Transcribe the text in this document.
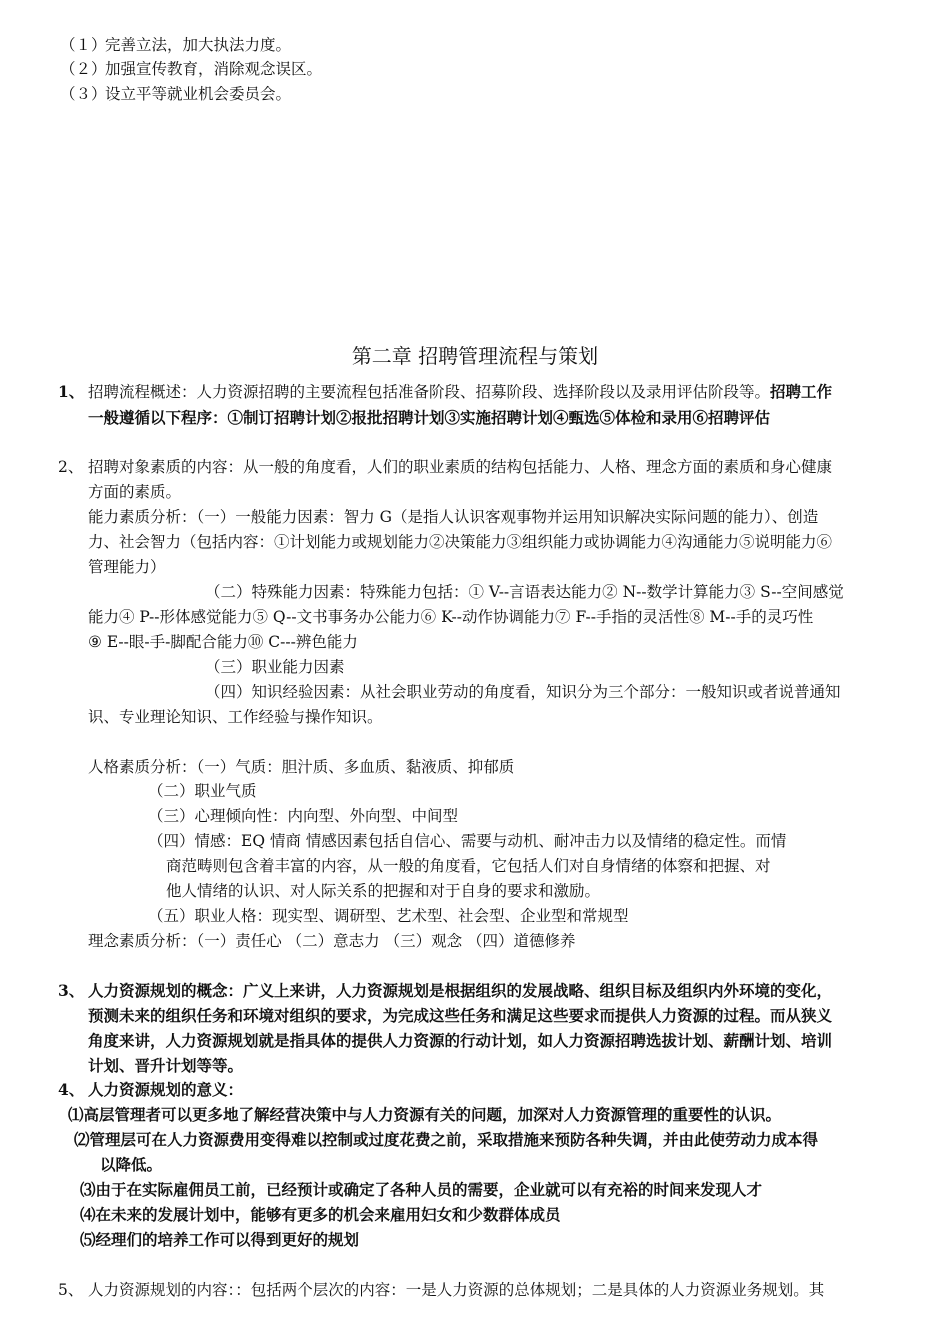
（１）完善立法，加大执法力度。
（２）加强宣传教育，消除观念误区。
（３）设立平等就业机会委员会。
第二章 招聘管理流程与策划
1、 招聘流程概述：人力资源招聘的主要流程包括准备阶段、招募阶段、选择阶段以及录用评估阶段等。招聘工作
一般遵循以下程序：①制订招聘计划②报批招聘计划③实施招聘计划④甄选⑤体检和录用⑥招聘评估
2、 招聘对象素质的内容：从一般的角度看，人们的职业素质的结构包括能力、人格、理念方面的素质和身心健康
方面的素质。
能力素质分析：（一）一般能力因素：智力 G（是指人认识客观事物并运用知识解决实际问题的能力）、创造
力、社会智力（包括内容：①计划能力或规划能力②决策能力③组织能力或协调能力④沟通能力⑤说明能力⑥
管理能力）
（二）特殊能力因素：特殊能力包括：① V--言语表达能力② N--数学计算能力③ S--空间感觉
能力④ P--形体感觉能力⑤ Q--文书事务办公能力⑥ K--动作协调能力⑦ F--手指的灵活性⑧ M--手的灵巧性
⑨ E--眼-手-脚配合能力⑩ C---辨色能力
（三）职业能力因素
（四）知识经验因素：从社会职业劳动的角度看，知识分为三个部分：一般知识或者说普通知
识、专业理论知识、工作经验与操作知识。
人格素质分析：（一）气质：胆汁质、多血质、黏液质、抑郁质
（二）职业气质
（三）心理倾向性：内向型、外向型、中间型
（四）情感：EQ 情商 情感因素包括自信心、需要与动机、耐冲击力以及情绪的稳定性。而情
商范畴则包含着丰富的内容，从一般的角度看，它包括人们对自身情绪的体察和把握、对
他人情绪的认识、对人际关系的把握和对于自身的要求和激励。
（五）职业人格：现实型、调研型、艺术型、社会型、企业型和常规型
理念素质分析：（一）责任心 （二）意志力 （三）观念 （四）道德修养
3、 人力资源规划的概念：广义上来讲，人力资源规划是根据组织的发展战略、组织目标及组织内外环境的变化，
预测未来的组织任务和环境对组织的要求，为完成这些任务和满足这些要求而提供人力资源的过程。而从狭义
角度来讲，人力资源规划就是指具体的提供人力资源的行动计划，如人力资源招聘选拔计划、薪酬计划、培训
计划、晋升计划等等。
4、 人力资源规划的意义：
⑴高层管理者可以更多地了解经营决策中与人力资源有关的问题，加深对人力资源管理的重要性的认识。
⑵管理层可在人力资源费用变得难以控制或过度花费之前，采取措施来预防各种失调，并由此使劳动力成本得
以降低。
⑶由于在实际雇佣员工前，已经预计或确定了各种人员的需要，企业就可以有充裕的时间来发现人才
⑷在未来的发展计划中，能够有更多的机会来雇用妇女和少数群体成员
⑸经理们的培养工作可以得到更好的规划
5、 人力资源规划的内容：：包括两个层次的内容：一是人力资源的总体规划；二是具体的人力资源业务规划。其
